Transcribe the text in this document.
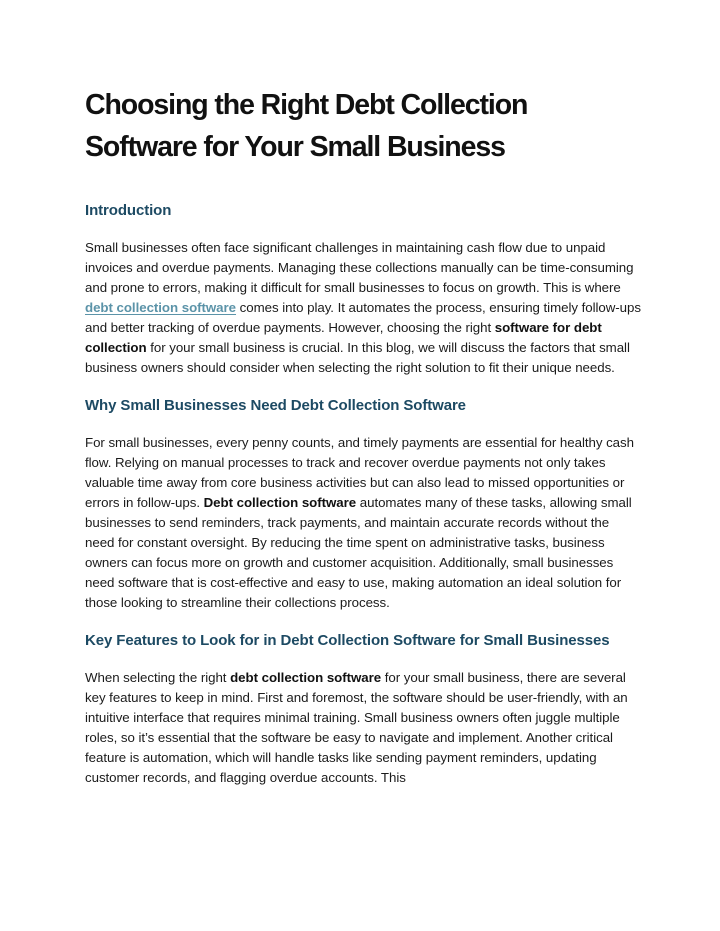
Choosing the Right Debt Collection
Software for Your Small Business
Introduction

Small businesses often face significant challenges in maintaining cash flow due to unpaid invoices and overdue payments. Managing these collections manually can be time-consuming and prone to errors, making it difficult for small businesses to focus on growth. This is where debt collection software comes into play. It automates the process, ensuring timely follow-ups and better tracking of overdue payments. However, choosing the right software for debt collection for your small business is crucial. In this blog, we will discuss the factors that small business owners should consider when selecting the right solution to fit their unique needs.

Why Small Businesses Need Debt Collection Software

For small businesses, every penny counts, and timely payments are essential for healthy cash flow. Relying on manual processes to track and recover overdue payments not only takes valuable time away from core business activities but can also lead to missed opportunities or errors in follow-ups. Debt collection software automates many of these tasks, allowing small businesses to send reminders, track payments, and maintain accurate records without the need for constant oversight. By reducing the time spent on administrative tasks, business owners can focus more on growth and customer acquisition. Additionally, small businesses need software that is cost-effective and easy to use, making automation an ideal solution for those looking to streamline their collections process.

Key Features to Look for in Debt Collection Software for Small Businesses

When selecting the right debt collection software for your small business, there are several key features to keep in mind. First and foremost, the software should be user-friendly, with an intuitive interface that requires minimal training. Small business owners often juggle multiple roles, so it’s essential that the software be easy to navigate and implement. Another critical feature is automation, which will handle tasks like sending payment reminders, updating customer records, and flagging overdue accounts. This
